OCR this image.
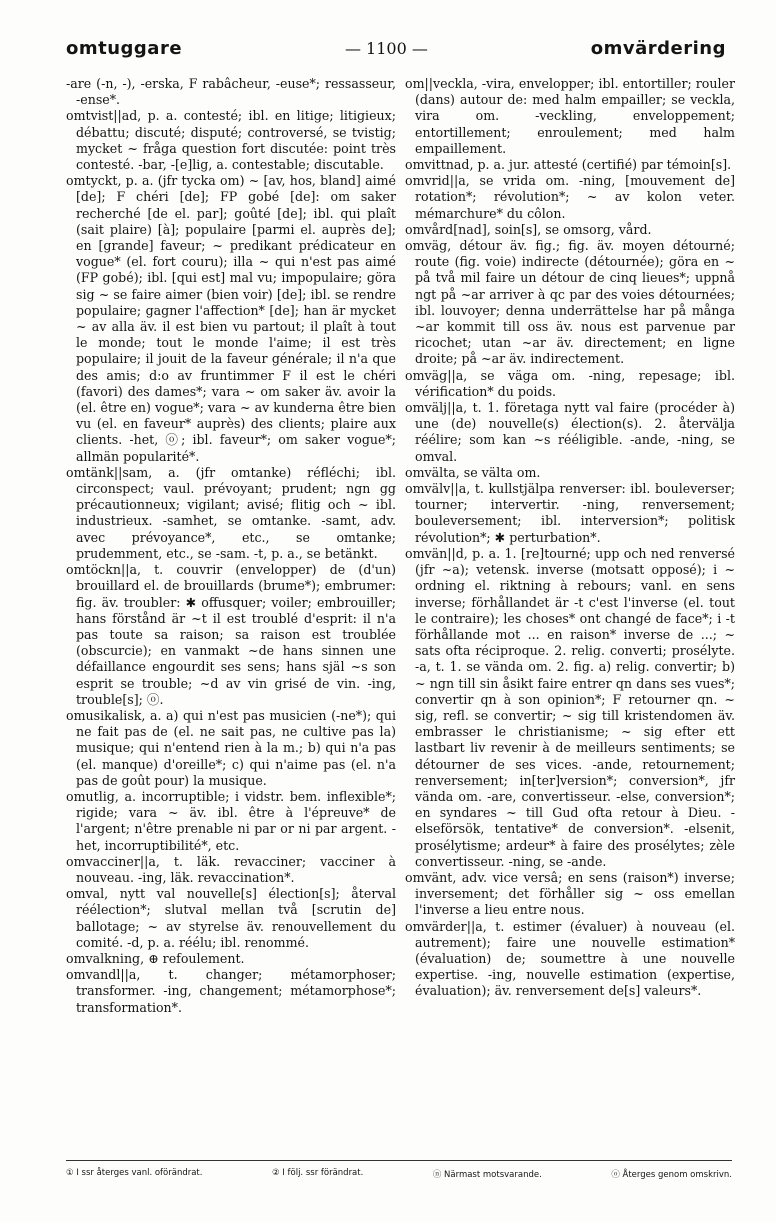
omtuggare	— 1100 —	omvärdering

-are (-n, -), -erska, F rabâcheur, -euse*; ressasseur, -ense*.

omtvist||ad, p. a. contesté; ibl. en litige; litigieux; débattu; discuté; disputé; controversé, se tvistig; mycket ~ fråga question fort discutée: point très contesté. -bar, -[e]lig, a. contestable; discutable.

omtyckt, p. a. (jfr tycka om) ~ [av, hos, bland] aimé [de]; F chéri [de]; FP gobé [de]: om saker recherché [de el. par]; goûté [de]; ibl. qui plaît (sait plaire) [à]; populaire [parmi el. auprès de]; en [grande] faveur; ~ predikant prédicateur en vogue* (el. fort couru); illa ~ qui n'est pas aimé (FP gobé); ibl. [qui est] mal vu; impopulaire; göra sig ~ se faire aimer (bien voir) [de]; ibl. se rendre populaire; gagner l'affection* [de]; han är mycket ~ av alla äv. il est bien vu partout; il plaît à tout le monde; tout le monde l'aime; il est très populaire; il jouit de la faveur générale; il n'a que des amis; d:o av fruntimmer F il est le chéri (favori) des dames*; vara ~ om saker äv. avoir la (el. être en) vogue*; vara ~ av kunderna être bien vu (el. en faveur* auprès) des clients; plaire aux clients. -het, ⓞ; ibl. faveur*; om saker vogue*; allmän popularité*.

omtänk||sam, a. (jfr omtanke) réfléchi; ibl. circonspect; vaul. prévoyant; prudent; ngn gg précautionneux; vigilant; avisé; flitig och ~ ibl. industrieux. -samhet, se omtanke. -samt, adv. avec prévoyance*, etc., se omtanke; prudemment, etc., se -sam. -t, p. a., se betänkt.

omtöckn||a, t. couvrir (envelopper) de (d'un) brouillard el. de brouillards (brume*); embrumer: fig. äv. troubler: ✱ offusquer; voiler; embrouiller; hans förstånd är ~t il est troublé d'esprit: il n'a pas toute sa raison; sa raison est troublée (obscurcie); en vanmakt ~de hans sinnen une défaillance engourdit ses sens; hans själ ~s son esprit se trouble; ~d av vin grisé de vin. -ing, trouble[s]; ⓞ.

omusikalisk, a. a) qui n'est pas musicien (-ne*); qui ne fait pas de (el. ne sait pas, ne cultive pas la) musique; qui n'entend rien à la m.; b) qui n'a pas (el. manque) d'oreille*; c) qui n'aime pas (el. n'a pas de goût pour) la musique.

omutlig, a. incorruptible; i vidstr. bem. inflexible*; rigide; vara ~ äv. ibl. être à l'épreuve* de l'argent; n'être prenable ni par or ni par argent. -het, incorruptibilité*, etc.

omvacciner||a, t. läk. revacciner; vacciner à nouveau. -ing, läk. revaccination*.

omval, nytt val nouvelle[s] élection[s]; återval réélection*; slutval mellan två [scrutin de] ballotage; ~ av styrelse äv. renouvellement du comité. -d, p. a. réélu; ibl. renommé.

omvalkning, ⊕ refoulement.

omvandl||a, t. changer; métamorphoser; transformer. -ing, changement; métamorphose*; transformation*.

om||veckla, -vira, envelopper; ibl. entortiller; rouler (dans) autour de: med halm empailler; se veckla, vira om. -veckling, enveloppement; entortillement; enroulement; med halm empaillement.

omvittnad, p. a. jur. attesté (certifié) par témoin[s].

omvrid||a, se vrida om. -ning, [mouvement de] rotation*; révolution*; ~ av kolon veter. mémarchure* du côlon.

omvård[nad], soin[s], se omsorg, vård.

omväg, détour äv. fig.; fig. äv. moyen détourné; route (fig. voie) indirecte (détournée); göra en ~ på två mil faire un détour de cinq lieues*; uppnå ngt på ~ar arriver à qc par des voies détournées; ibl. louvoyer; denna underrättelse har på många ~ar kommit till oss äv. nous est parvenue par ricochet; utan ~ar äv. directement; en ligne droite; på ~ar äv. indirectement.

omväg||a, se väga om. -ning, repesage; ibl. vérification* du poids.

omvälj||a, t. 1. företaga nytt val faire (procéder à) une (de) nouvelle(s) élection(s). 2. återvälja réélire; som kan ~s rééligible. -ande, -ning, se omval.

omvälta, se välta om.

omvälv||a, t. kullstjälpa renverser: ibl. bouleverser; tourner; intervertir. -ning, renversement; bouleversement; ibl. interversion*; politisk révolution*; ✱ perturbation*.

omvän||d, p. a. 1. [re]tourné; upp och ned renversé (jfr ~a); vetensk. inverse (motsatt opposé); i ~ ordning el. riktning à rebours; vanl. en sens inverse; förhållandet är -t c'est l'inverse (el. tout le contraire); les choses* ont changé de face*; i -t förhållande mot ... en raison* inverse de ...; ~ sats ofta réciproque. 2. relig. converti; prosélyte. -a, t. 1. se vända om. 2. fig. a) relig. convertir; b) ~ ngn till sin åsikt faire entrer qn dans ses vues*; convertir qn à son opinion*; F retourner qn. ~ sig, refl. se convertir; ~ sig till kristendomen äv. embrasser le christianisme; ~ sig efter ett lastbart liv revenir à de meilleurs sentiments; se détourner de ses vices. -ande, retournement; renversement; in[ter]version*; conversion*, jfr vända om. -are, convertisseur. -else, conversion*; en syndares ~ till Gud ofta retour à Dieu. -elseförsök, tentative* de conversion*. -elsenit, prosélytisme; ardeur* à faire des prosélytes; zèle convertisseur. -ning, se -ande.

omvänt, adv. vice versâ; en sens (raison*) inverse; inversement; det förhåller sig ~ oss emellan l'inverse a lieu entre nous.

omvärder||a, t. estimer (évaluer) à nouveau (el. autrement); faire une nouvelle estimation* (évaluation) de; soumettre à une nouvelle expertise. -ing, nouvelle estimation (expertise, évaluation); äv. renversement de[s] valeurs*.

① I ssr återges vanl. oförändrat.	② I följ. ssr förändrat.	ⓝ Närmast motsvarande.	ⓞ Återges genom omskrivn.
